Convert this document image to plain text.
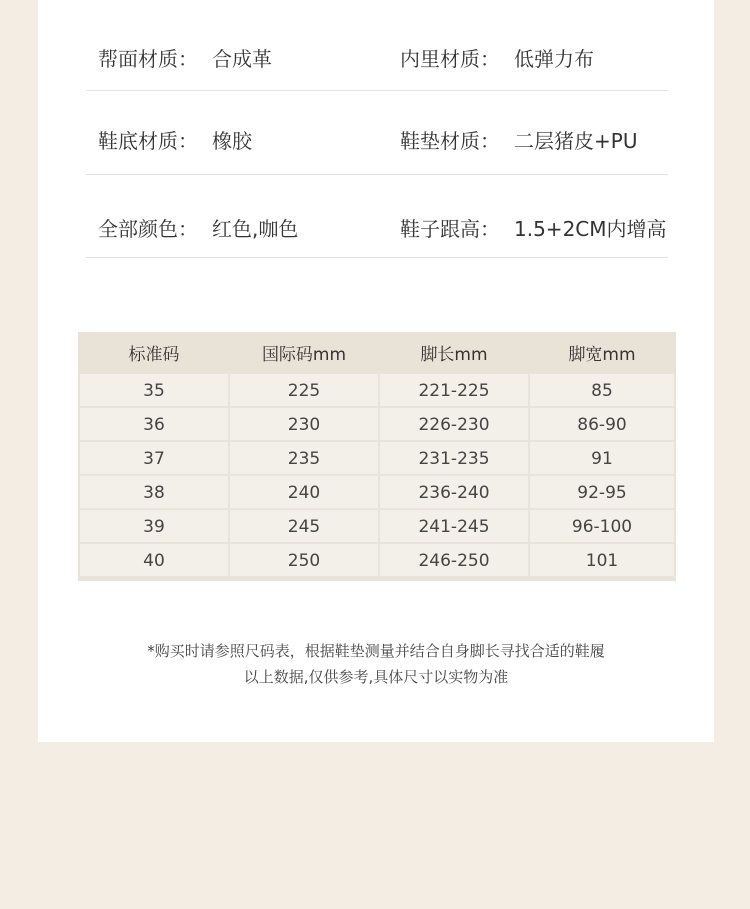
帮面材质： 合成革	内里材质： 低弹力布
鞋底材质： 橡胶	鞋垫材质： 二层猪皮+PU
全部颜色： 红色,咖色	鞋子跟高： 1.5+2CM内增高
标准码	国际码mm	脚长mm	脚宽mm
35	225	221-225	85
36	230	226-230	86-90
37	235	231-235	91
38	240	236-240	92-95
39	245	241-245	96-100
40	250	246-250	101
*购买时请参照尺码表，根据鞋垫测量并结合自身脚长寻找合适的鞋履
以上数据,仅供参考,具体尺寸以实物为准
